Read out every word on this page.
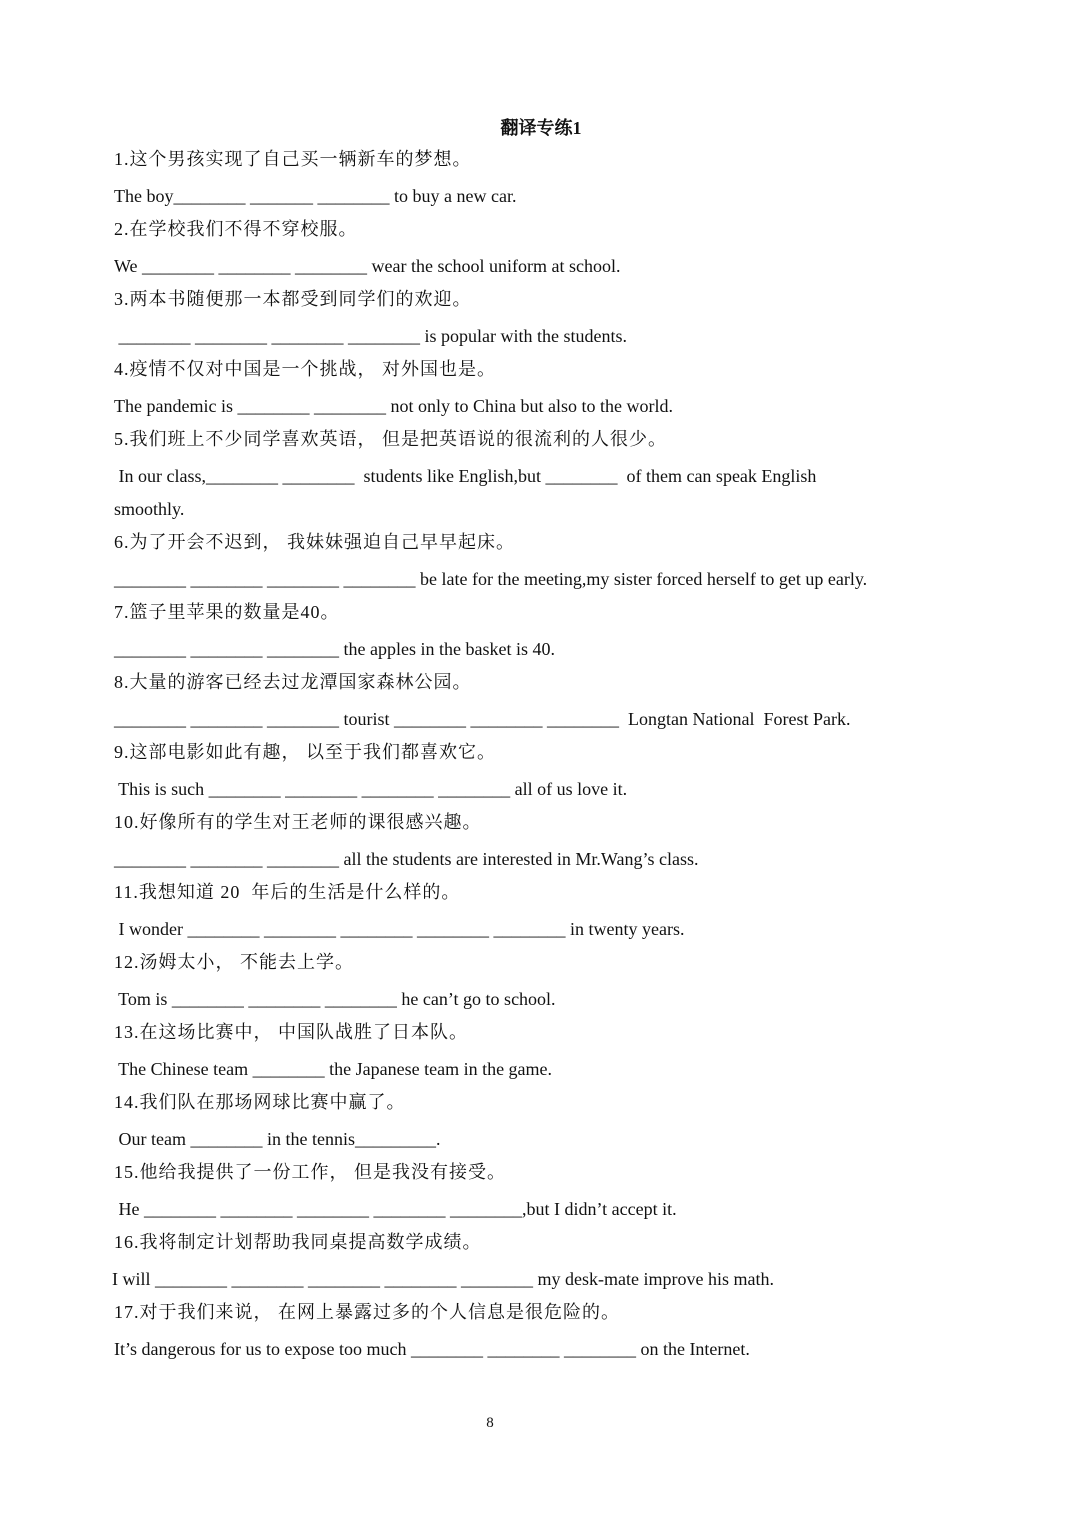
翻译专练1
1.这个男孩实现了自己买一辆新车的梦想。
The boy________ _______ ________ to buy a new car.
2.在学校我们不得不穿校服。
We ________ ________ ________ wear the school uniform at school.
3.两本书随便那一本都受到同学们的欢迎。
________ ________ ________ ________ is popular with the students.
4.疫情不仅对中国是一个挑战， 对外国也是。
The pandemic is ________ ________ not only to China but also to the world.
5.我们班上不少同学喜欢英语， 但是把英语说的很流利的人很少。
In our class,________ ________  students like English,but ________  of them can speak English
smoothly.
6.为了开会不迟到， 我妹妹强迫自己早早起床。
________ ________ ________ ________ be late for the meeting,my sister forced herself to get up early.
7.篮子里苹果的数量是40。
________ ________ ________ the apples in the basket is 40.
8.大量的游客已经去过龙潭国家森林公园。
________ ________ ________ tourist ________ ________ ________  Longtan National  Forest Park.
9.这部电影如此有趣， 以至于我们都喜欢它。
This is such ________ ________ ________ ________ all of us love it.
10.好像所有的学生对王老师的课很感兴趣。
________ ________ ________ all the students are interested in Mr.Wang’s class.
11.我想知道 20  年后的生活是什么样的。
I wonder ________ ________ ________ ________ ________ in twenty years.
12.汤姆太小， 不能去上学。
Tom is ________ ________ ________ he can’t go to school.
13.在这场比赛中， 中国队战胜了日本队。
The Chinese team ________ the Japanese team in the game.
14.我们队在那场网球比赛中赢了。
Our team ________ in the tennis_________.
15.他给我提供了一份工作， 但是我没有接受。
He ________ ________ ________ ________ ________,but I didn’t accept it.
16.我将制定计划帮助我同桌提高数学成绩。
I will ________ ________ ________ ________ ________ my desk-mate improve his math.
17.对于我们来说， 在网上暴露过多的个人信息是很危险的。
It’s dangerous for us to expose too much ________ ________ ________ on the Internet.
8
